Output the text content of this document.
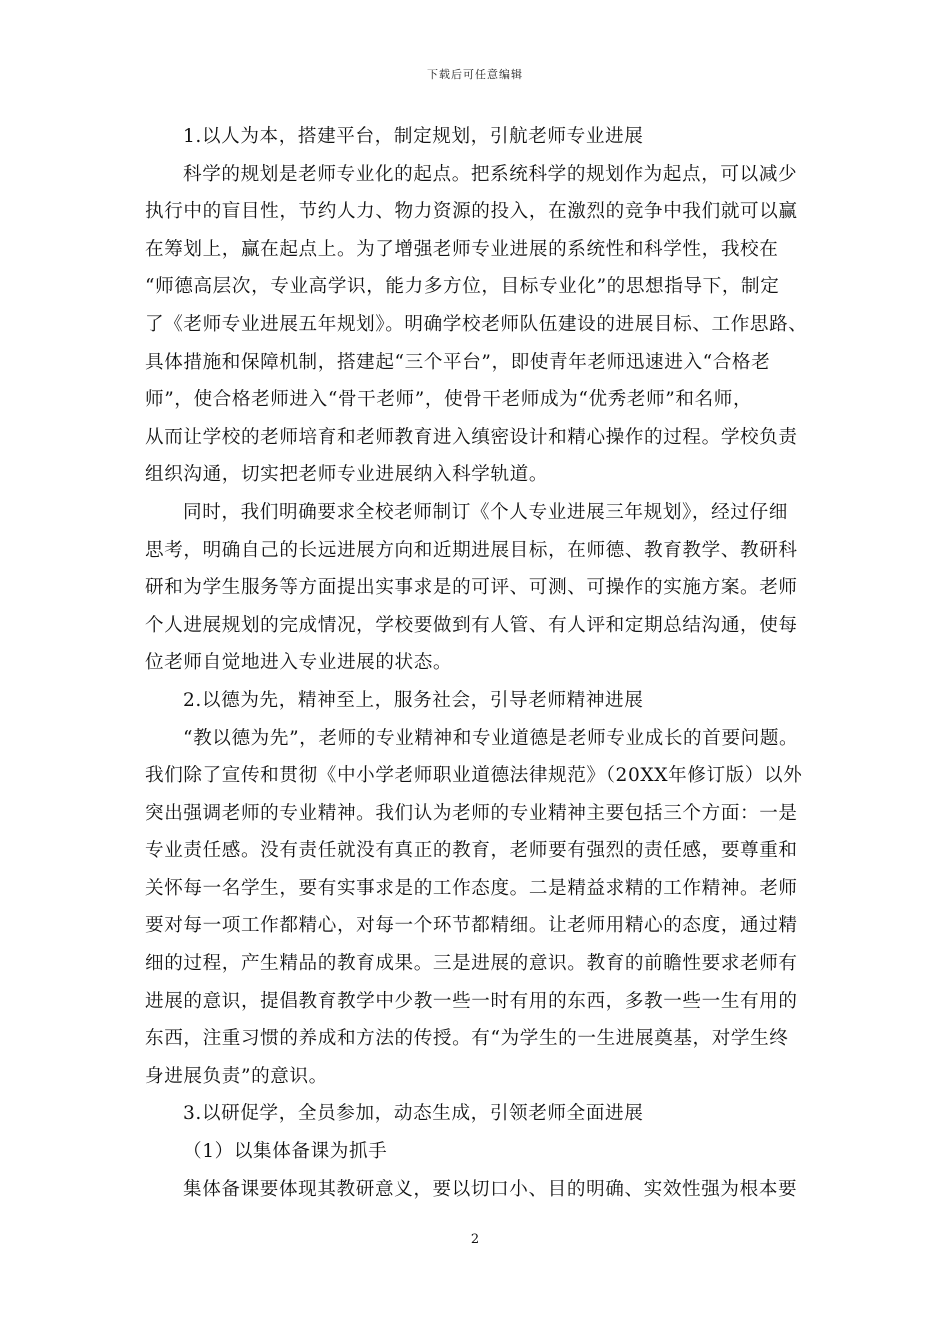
下载后可任意编辑
1.以人为本，搭建平台，制定规划，引航老师专业进展
科学的规划是老师专业化的起点。把系统科学的规划作为起点，可以减少
执行中的盲目性，节约人力、物力资源的投入，在激烈的竞争中我们就可以赢
在筹划上，赢在起点上。为了增强老师专业进展的系统性和科学性，我校在
“师德高层次，专业高学识，能力多方位，目标专业化”的思想指导下，制定
了《老师专业进展五年规划》。明确学校老师队伍建设的进展目标、工作思路、
具体措施和保障机制，搭建起“三个平台”，即使青年老师迅速进入“合格老
师”，使合格老师进入“骨干老师”，使骨干老师成为“优秀老师”和名师，
从而让学校的老师培育和老师教育进入缜密设计和精心操作的过程。学校负责
组织沟通，切实把老师专业进展纳入科学轨道。
同时，我们明确要求全校老师制订《个人专业进展三年规划》，经过仔细
思考，明确自己的长远进展方向和近期进展目标，在师德、教育教学、教研科
研和为学生服务等方面提出实事求是的可评、可测、可操作的实施方案。老师
个人进展规划的完成情况，学校要做到有人管、有人评和定期总结沟通，使每
位老师自觉地进入专业进展的状态。
2.以德为先，精神至上，服务社会，引导老师精神进展
“教以德为先”，老师的专业精神和专业道德是老师专业成长的首要问题。
我们除了宣传和贯彻《中小学老师职业道德法律规范》（20XX年修订版）以外
突出强调老师的专业精神。我们认为老师的专业精神主要包括三个方面：一是
专业责任感。没有责任就没有真正的教育，老师要有强烈的责任感，要尊重和
关怀每一名学生，要有实事求是的工作态度。二是精益求精的工作精神。老师
要对每一项工作都精心，对每一个环节都精细。让老师用精心的态度，通过精
细的过程，产生精品的教育成果。三是进展的意识。教育的前瞻性要求老师有
进展的意识，提倡教育教学中少教一些一时有用的东西，多教一些一生有用的
东西，注重习惯的养成和方法的传授。有“为学生的一生进展奠基，对学生终
身进展负责”的意识。
3.以研促学，全员参加，动态生成，引领老师全面进展
（1）以集体备课为抓手
集体备课要体现其教研意义，要以切口小、目的明确、实效性强为根本要
2
